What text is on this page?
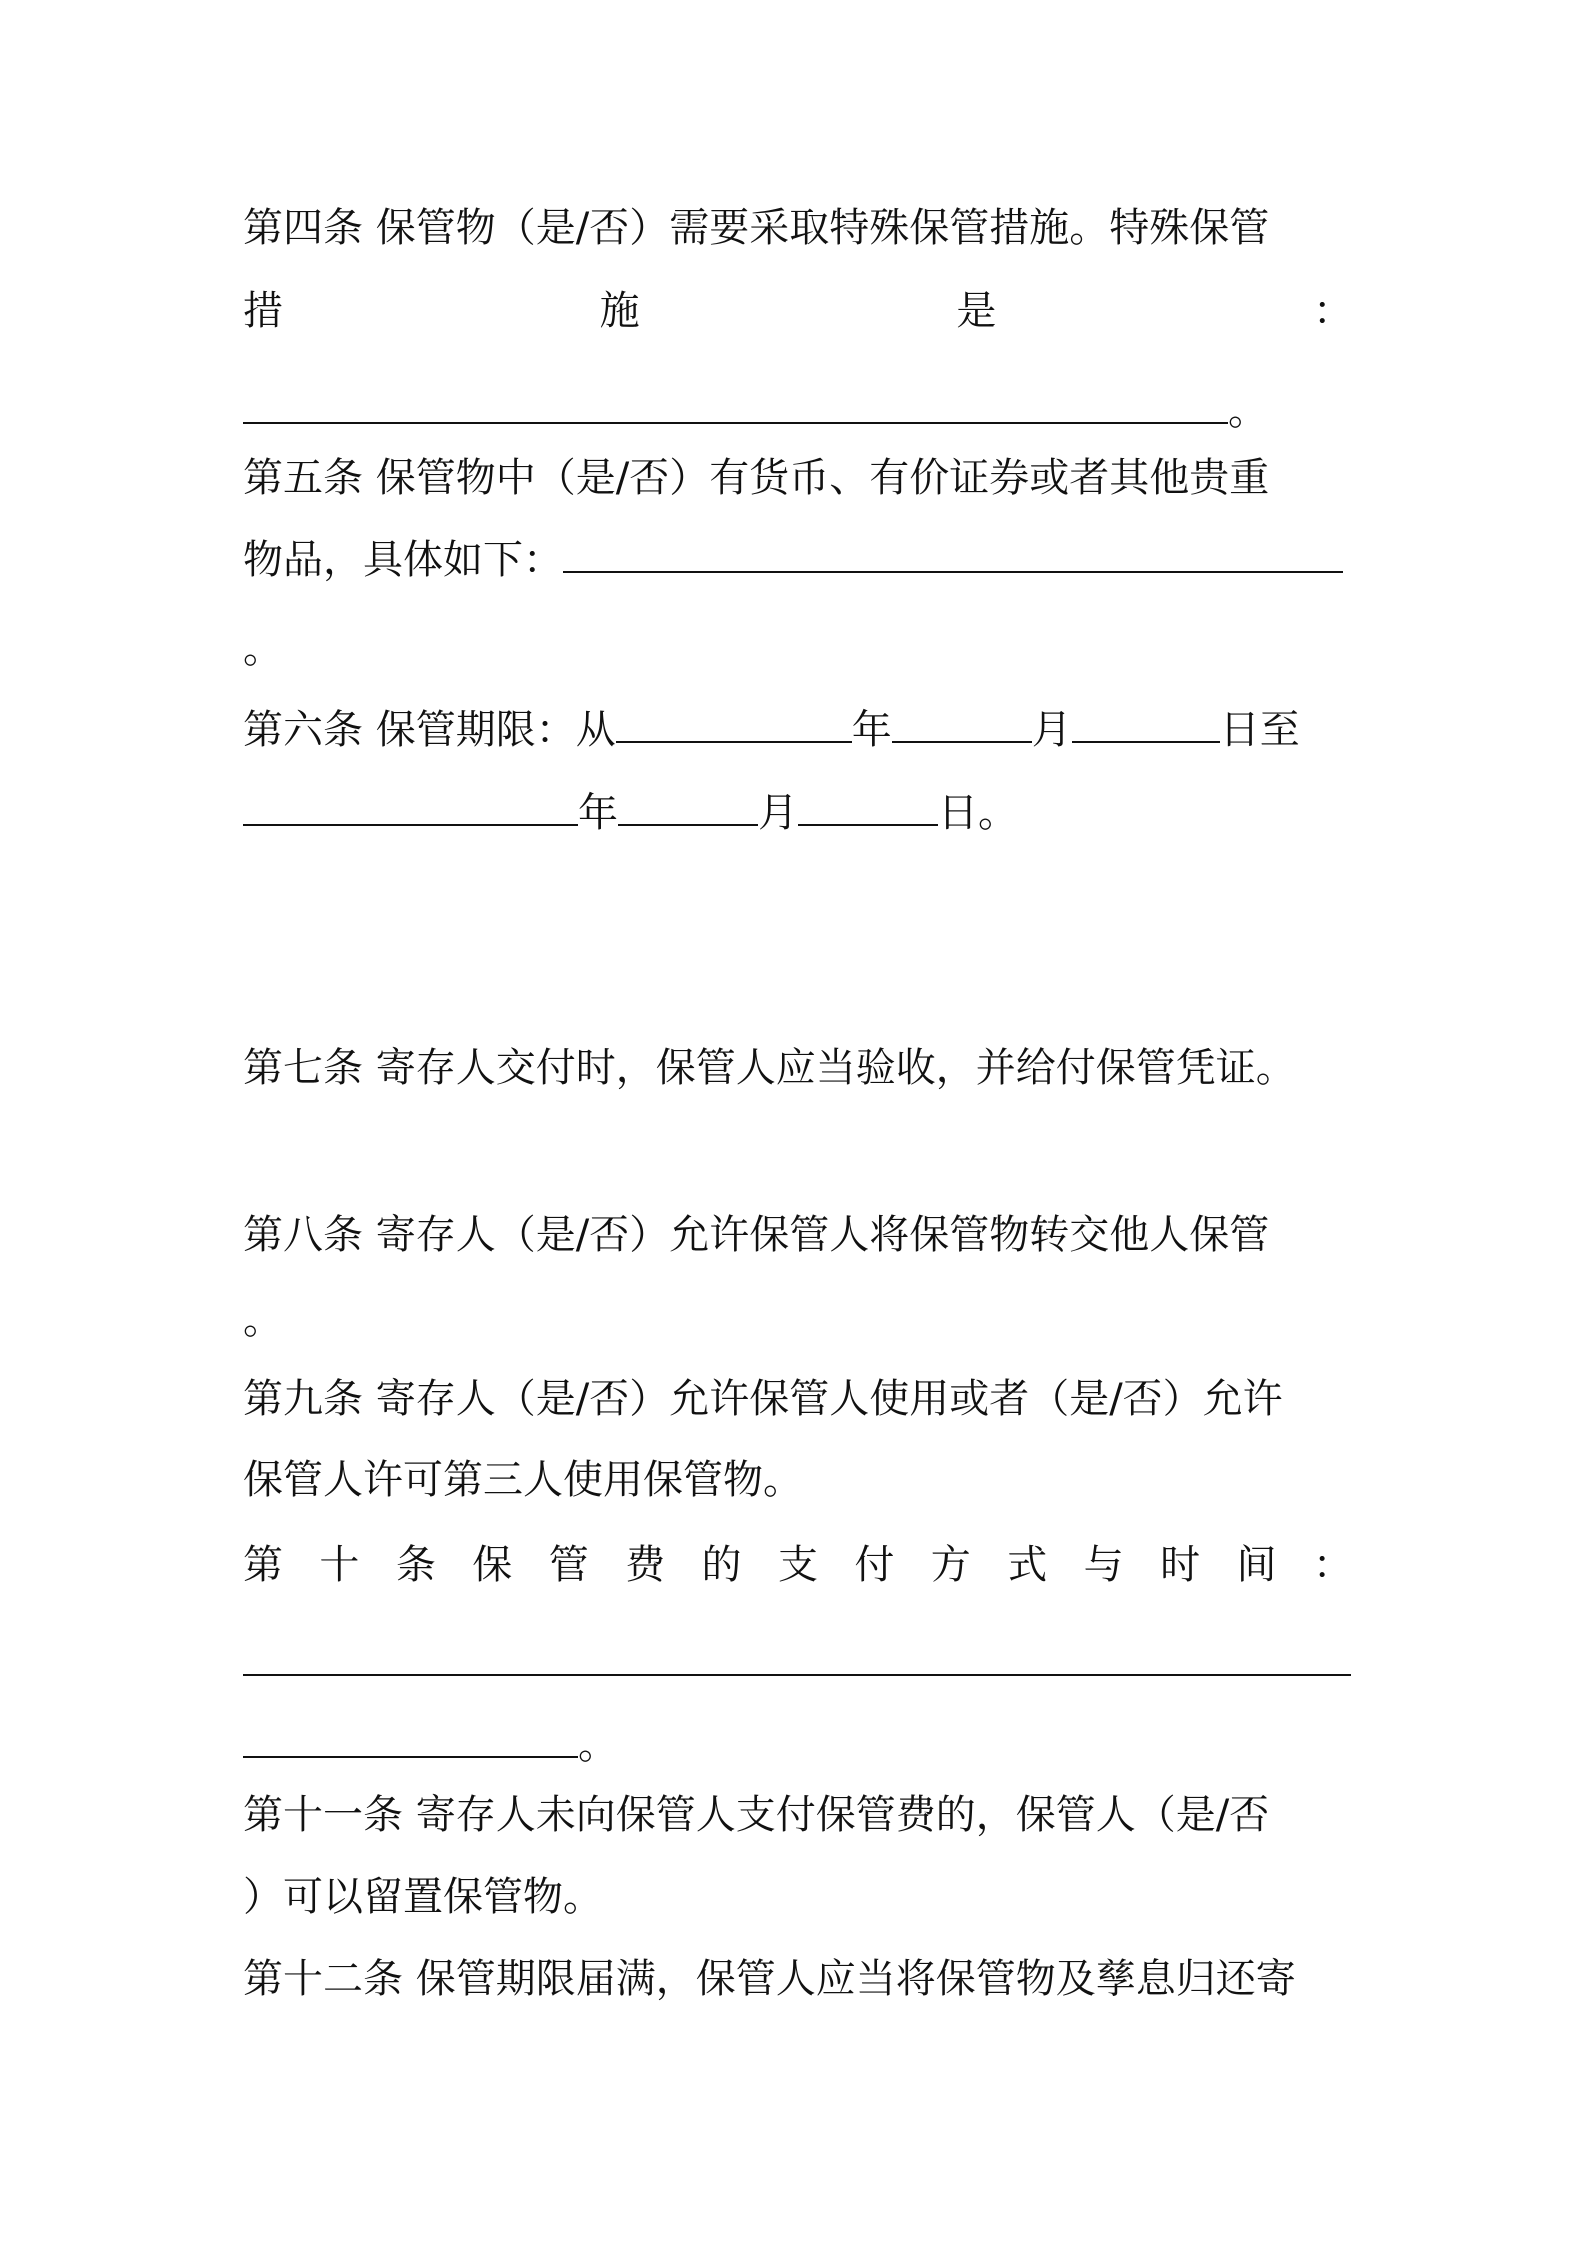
第四条 保管物（是/否）需要采取特殊保管措施。特殊保管
措	施	是	：
。
第五条 保管物中（是/否）有货币、有价证券或者其他贵重
物品，具体如下：
。
第六条 保管期限：从	年	月	日至
年	月	日。
第七条 寄存人交付时，保管人应当验收，并给付保管凭证。
第八条 寄存人（是/否）允许保管人将保管物转交他人保管
。
第九条 寄存人（是/否）允许保管人使用或者（是/否）允许
保管人许可第三人使用保管物。
第 十 条 保 管 费 的 支 付 方 式 与 时 间 ：
。
第十一条 寄存人未向保管人支付保管费的，保管人（是/否
）可以留置保管物。
第十二条 保管期限届满，保管人应当将保管物及孳息归还寄
